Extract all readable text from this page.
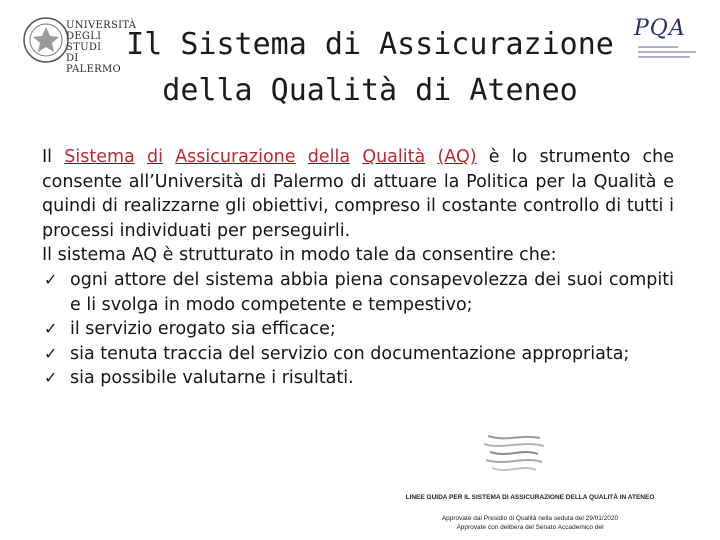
UNIVERSITÀ
DEGLI STUDI
DI PALERMO
Il Sistema di Assicurazione
della Qualità di Ateneo
PQA

Il Sistema di Assicurazione della Qualità (AQ) è lo strumento che consente all’Università di Palermo di attuare la Politica per la Qualità e quindi di realizzarne gli obiettivi, compreso il costante controllo di tutti i processi individuati per perseguirli.

Il sistema AQ è strutturato in modo tale da consentire che:

✓ ogni attore del sistema abbia piena consapevolezza dei suoi compiti e li svolga in modo competente e tempestivo;
✓ il servizio erogato sia efficace;
✓ sia tenuta traccia del servizio con documentazione appropriata;
✓ sia possibile valutarne i risultati.
LINEE GUIDA PER IL SISTEMA DI ASSICURAZIONE DELLA QUALITÀ IN ATENEO
Approvate dal Presidio di Qualità nella seduta del 29/01/2020
Approvate con delibera del Senato Accademico del
